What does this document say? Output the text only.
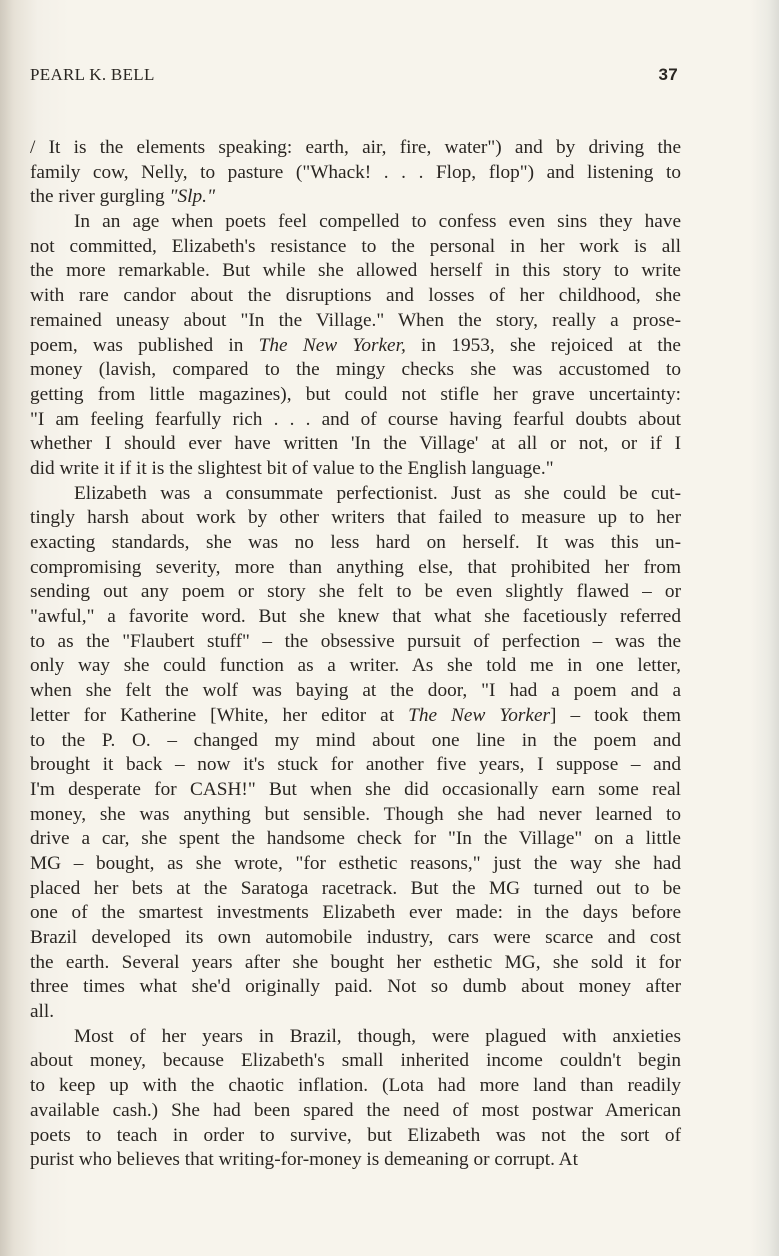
PEARL K. BELL	37
/ It is the elements speaking: earth, air, fire, water") and by driving the
family cow, Nelly, to pasture ("Whack! . . . Flop, flop") and listening to
the river gurgling "Slp."
In an age when poets feel compelled to confess even sins they have
not committed, Elizabeth's resistance to the personal in her work is all
the more remarkable. But while she allowed herself in this story to write
with rare candor about the disruptions and losses of her childhood, she
remained uneasy about "In the Village." When the story, really a prose-
poem, was published in The New Yorker, in 1953, she rejoiced at the
money (lavish, compared to the mingy checks she was accustomed to
getting from little magazines), but could not stifle her grave uncertainty:
"I am feeling fearfully rich . . . and of course having fearful doubts about
whether I should ever have written 'In the Village' at all or not, or if I
did write it if it is the slightest bit of value to the English language."
Elizabeth was a consummate perfectionist. Just as she could be cut-
tingly harsh about work by other writers that failed to measure up to her
exacting standards, she was no less hard on herself. It was this un-
compromising severity, more than anything else, that prohibited her from
sending out any poem or story she felt to be even slightly flawed – or
"awful," a favorite word. But she knew that what she facetiously referred
to as the "Flaubert stuff" – the obsessive pursuit of perfection – was the
only way she could function as a writer. As she told me in one letter,
when she felt the wolf was baying at the door, "I had a poem and a
letter for Katherine [White, her editor at The New Yorker] – took them
to the P. O. – changed my mind about one line in the poem and
brought it back – now it's stuck for another five years, I suppose – and
I'm desperate for CASH!" But when she did occasionally earn some real
money, she was anything but sensible. Though she had never learned to
drive a car, she spent the handsome check for "In the Village" on a little
MG – bought, as she wrote, "for esthetic reasons," just the way she had
placed her bets at the Saratoga racetrack. But the MG turned out to be
one of the smartest investments Elizabeth ever made: in the days before
Brazil developed its own automobile industry, cars were scarce and cost
the earth. Several years after she bought her esthetic MG, she sold it for
three times what she'd originally paid. Not so dumb about money after
all.
Most of her years in Brazil, though, were plagued with anxieties
about money, because Elizabeth's small inherited income couldn't begin
to keep up with the chaotic inflation. (Lota had more land than readily
available cash.) She had been spared the need of most postwar American
poets to teach in order to survive, but Elizabeth was not the sort of
purist who believes that writing-for-money is demeaning or corrupt. At
